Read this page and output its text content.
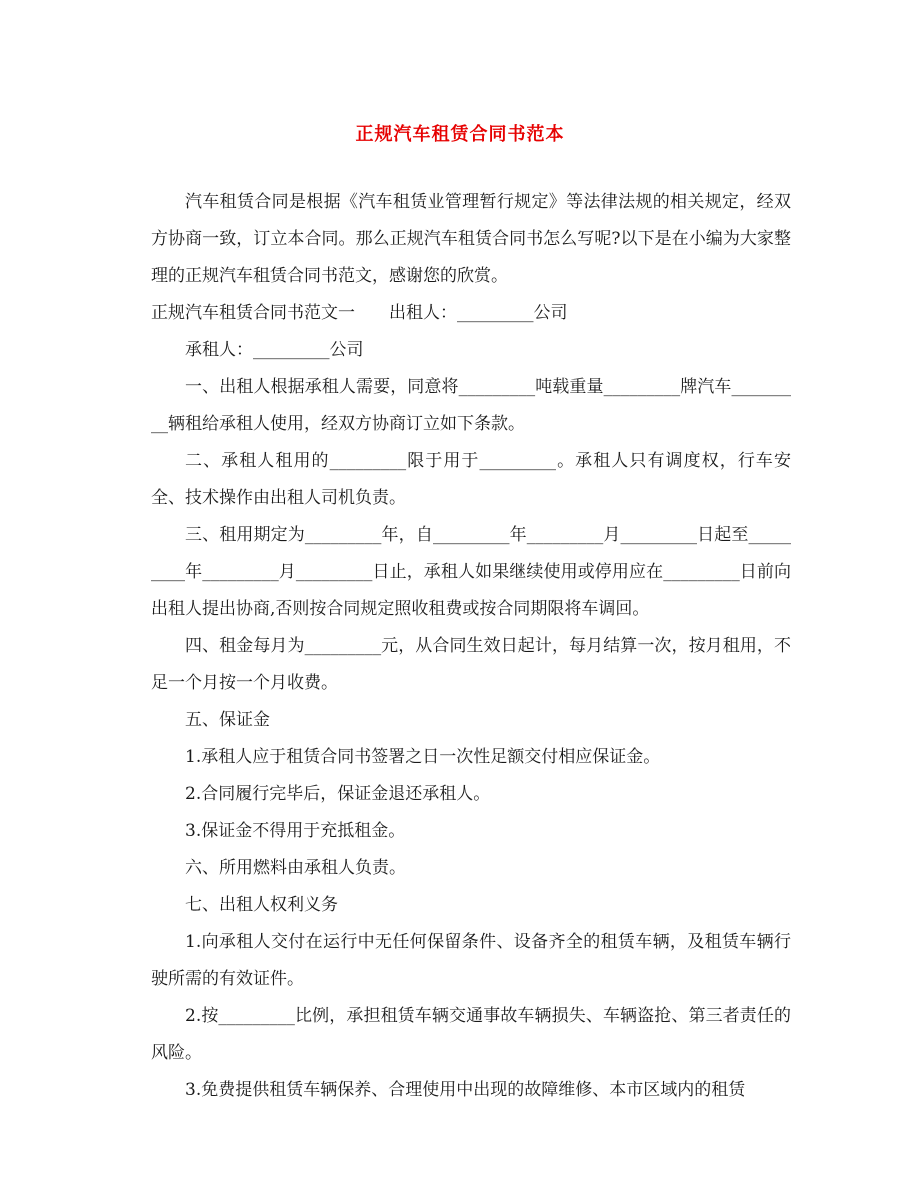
正规汽车租赁合同书范本

汽车租赁合同是根据《汽车租赁业管理暂行规定》等法律法规的相关规定，经双方协商一致，订立本合同。那么正规汽车租赁合同书怎么写呢?以下是在小编为大家整理的正规汽车租赁合同书范文，感谢您的欣赏。

正规汽车租赁合同书范文一　　出租人：_________公司

承租人：_________公司

一、出租人根据承租人需要，同意将_________吨载重量_________牌汽车_________辆租给承租人使用，经双方协商订立如下条款。

二、承租人租用的_________限于用于_________。承租人只有调度权，行车安全、技术操作由出租人司机负责。

三、租用期定为_________年，自_________年_________月_________日起至_________年_________月_________日止，承租人如果继续使用或停用应在_________日前向出租人提出协商,否则按合同规定照收租费或按合同期限将车调回。

四、租金每月为_________元，从合同生效日起计，每月结算一次，按月租用，不足一个月按一个月收费。

五、保证金

1.承租人应于租赁合同书签署之日一次性足额交付相应保证金。

2.合同履行完毕后，保证金退还承租人。

3.保证金不得用于充抵租金。

六、所用燃料由承租人负责。

七、出租人权利义务

1.向承租人交付在运行中无任何保留条件、设备齐全的租赁车辆，及租赁车辆行驶所需的有效证件。

2.按_________比例，承担租赁车辆交通事故车辆损失、车辆盗抢、第三者责任的风险。

3.免费提供租赁车辆保养、合理使用中出现的故障维修、本市区域内的租赁
